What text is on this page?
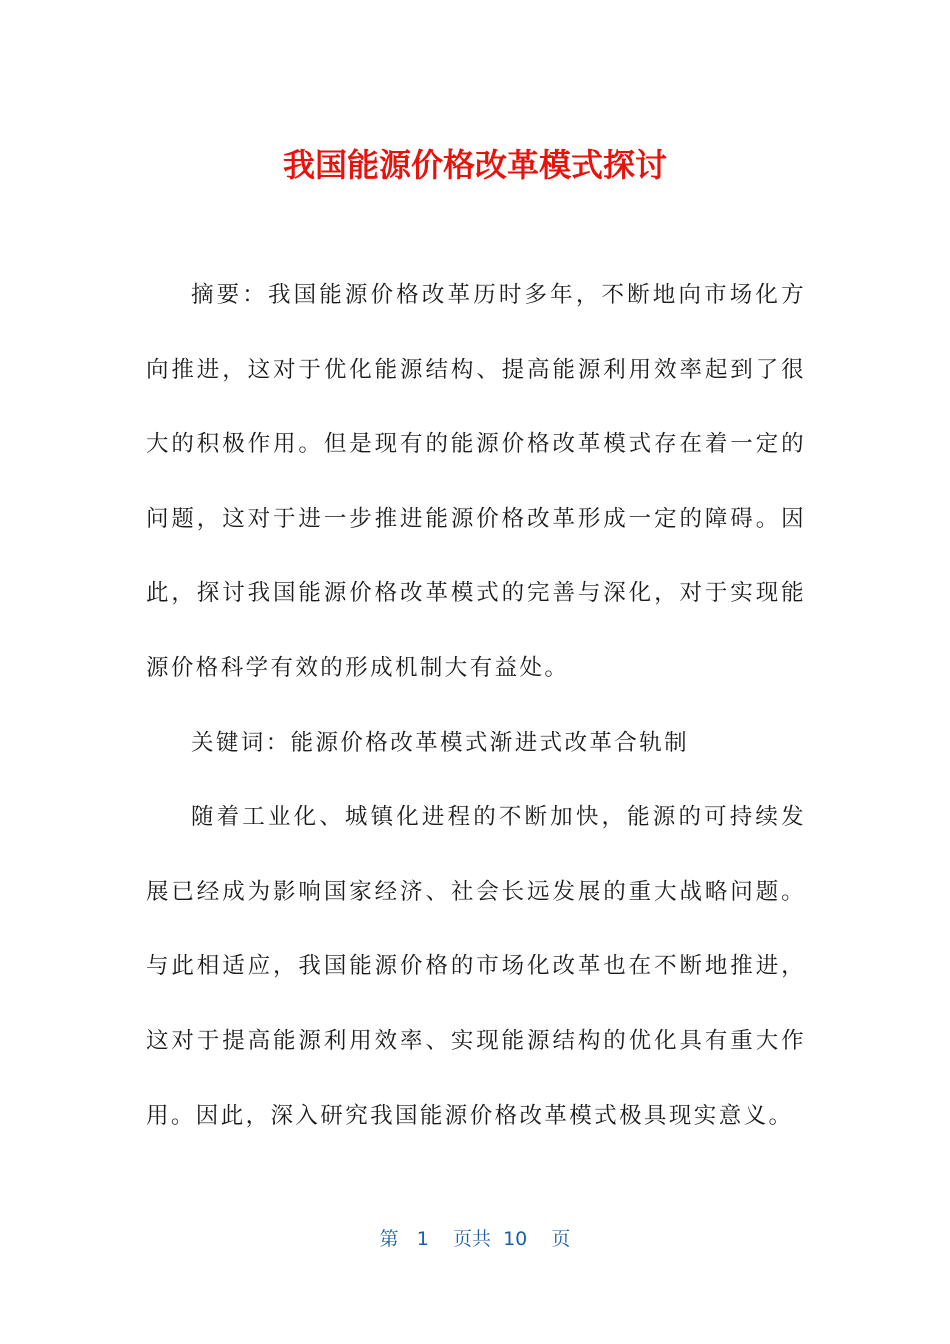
我国能源价格改革模式探讨

摘要：我国能源价格改革历时多年，不断地向市场化方向推进，这对于优化能源结构、提高能源利用效率起到了很大的积极作用。但是现有的能源价格改革模式存在着一定的问题，这对于进一步推进能源价格改革形成一定的障碍。因此，探讨我国能源价格改革模式的完善与深化，对于实现能源价格科学有效的形成机制大有益处。

关键词：能源价格改革模式渐进式改革合轨制

随着工业化、城镇化进程的不断加快，能源的可持续发展已经成为影响国家经济、社会长远发展的重大战略问题。与此相适应，我国能源价格的市场化改革也在不断地推进，这对于提高能源利用效率、实现能源结构的优化具有重大作用。因此，深入研究我国能源价格改革模式极具现实意义。

第 1 页共 10 页
